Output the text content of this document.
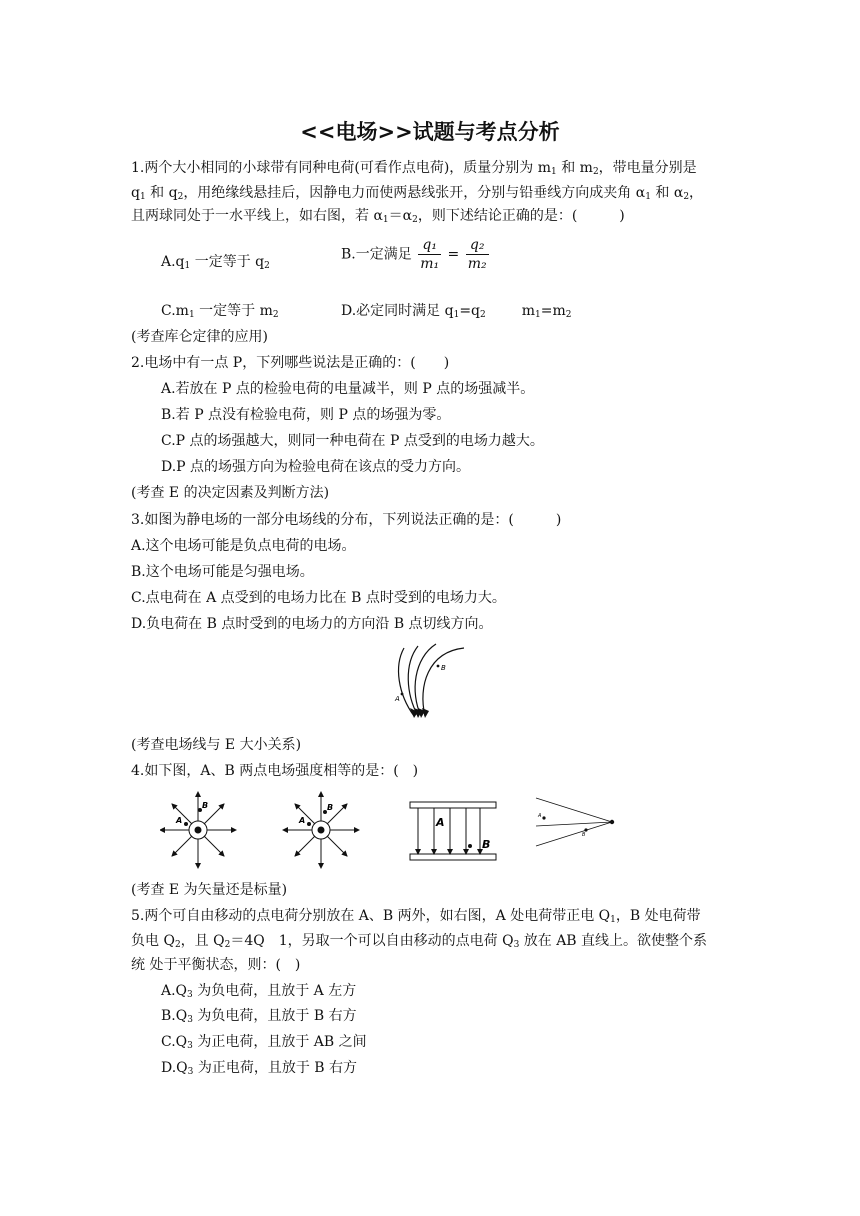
<<电场>>试题与考点分析
1.两个大小相同的小球带有同种电荷(可看作点电荷)，质量分别为 $m_1$ 和 $m_2$，带电量分别是
$q_1$ 和 $q_2$，用绝缘线悬挂后，因静电力而使两悬线张开，分别与铅垂线方向成夹角 $\alpha_1$ 和 $\alpha_2$，
且两球同处于一水平线上，如右图，若 $\alpha_1=\alpha_2$，则下述结论正确的是：(　　　)
$A.q_1$ 一定等于 $q_2$
B.一定满足 $\frac{\text{q₁}}{\text{m₁}} = \frac{\text{q₂}}{\text{m₂}}$
$C.m_1$ 一定等于 $m_2$	D.必定同时满足 $q_1=q_2$	$m_1=m_2$
(考查库仑定律的应用)
2.电场中有一点 P，下列哪些说法是正确的：(　　)
A.若放在 P 点的检验电荷的电量减半，则 P 点的场强减半。
B.若 P 点没有检验电荷，则 P 点的场强为零。
C.P 点的场强越大，则同一种电荷在 P 点受到的电场力越大。
D.P 点的场强方向为检验电荷在该点的受力方向。
(考查 E 的决定因素及判断方法)
3.如图为静电场的一部分电场线的分布，下列说法正确的是：(　　　)
A.这个电场可能是负点电荷的电场。
B.这个电场可能是匀强电场。
C.点电荷在 A 点受到的电场力比在 B 点时受到的电场力大。
D.负电荷在 B 点时受到的电场力的方向沿 B 点切线方向。
A
B
(考查电场线与 E 大小关系)
4.如下图，A、B 两点电场强度相等的是：(　)
A
B
A
B
A
B
A
B
(考查 E 为矢量还是标量)
5.两个可自由移动的点电荷分别放在 A、B 两外，如右图，A 处电荷带正电 $Q_1$，B 处电荷带
负电 $Q_2$，且 $Q_2=4Q$　1，另取一个可以自由移动的点电荷 $Q_3$ 放在 AB 直线上。欲使整个系
统 处于平衡状态，则：(　)
$A.Q_3$ 为负电荷，且放于 A 左方
$B.Q_3$ 为负电荷，且放于 B 右方
$C.Q_3$ 为正电荷，且放于 AB 之间
$D.Q_3$ 为正电荷，且放于 B 右方
